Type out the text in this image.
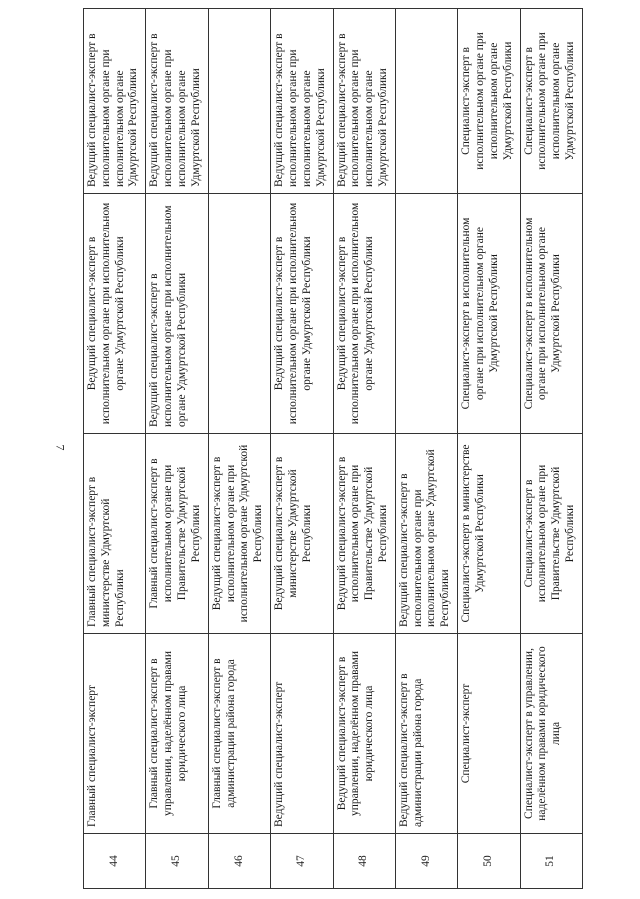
7
44	Главный специалист-эксперт	Главный специалист-эксперт в министерстве Удмуртской Республики	Ведущий специалист-эксперт в исполнительном органе при исполнительном органе Удмуртской Республики	Ведущий специалист-эксперт в исполнительном органе при исполнительном органе Удмуртской Республики
45	Главный специалист-эксперт в управлении, наделённом правами юридического лица	Главный специалист-эксперт в исполнительном органе при Правительстве Удмуртской Республики	Ведущий специалист-эксперт в исполнительном органе при исполнительном органе Удмуртской Республики	Ведущий специалист-эксперт в исполнительном органе при исполнительном органе Удмуртской Республики
46	Главный специалист-эксперт в администрации района города	Ведущий специалист-эксперт в исполнительном органе при исполнительном органе Удмуртской Республики		
47	Ведущий специалист-эксперт	Ведущий специалист-эксперт в министерстве Удмуртской Республики	Ведущий специалист-эксперт в исполнительном органе при исполнительном органе Удмуртской Республики	Ведущий специалист-эксперт в исполнительном органе при исполнительном органе Удмуртской Республики
48	Ведущий специалист-эксперт в управлении, наделённом правами юридического лица	Ведущий специалист-эксперт в исполнительном органе при Правительстве Удмуртской Республики	Ведущий специалист-эксперт в исполнительном органе при исполнительном органе Удмуртской Республики	Ведущий специалист-эксперт в исполнительном органе при исполнительном органе Удмуртской Республики
49	Ведущий специалист-эксперт в администрации района города	Ведущий специалист-эксперт в исполнительном органе при исполнительном органе Удмуртской Республики		
50	Специалист-эксперт	Специалист-эксперт в министерстве Удмуртской Республики	Специалист-эксперт в исполнительном органе при исполнительном органе Удмуртской Республики	Специалист-эксперт в исполнительном органе при исполнительном органе Удмуртской Республики
51	Специалист-эксперт в управлении, наделённом правами юридического лица	Специалист-эксперт в исполнительном органе при Правительстве Удмуртской Республики	Специалист-эксперт в исполнительном органе при исполнительном органе Удмуртской Республики	Специалист-эксперт в исполнительном органе при исполнительном органе Удмуртской Республики
